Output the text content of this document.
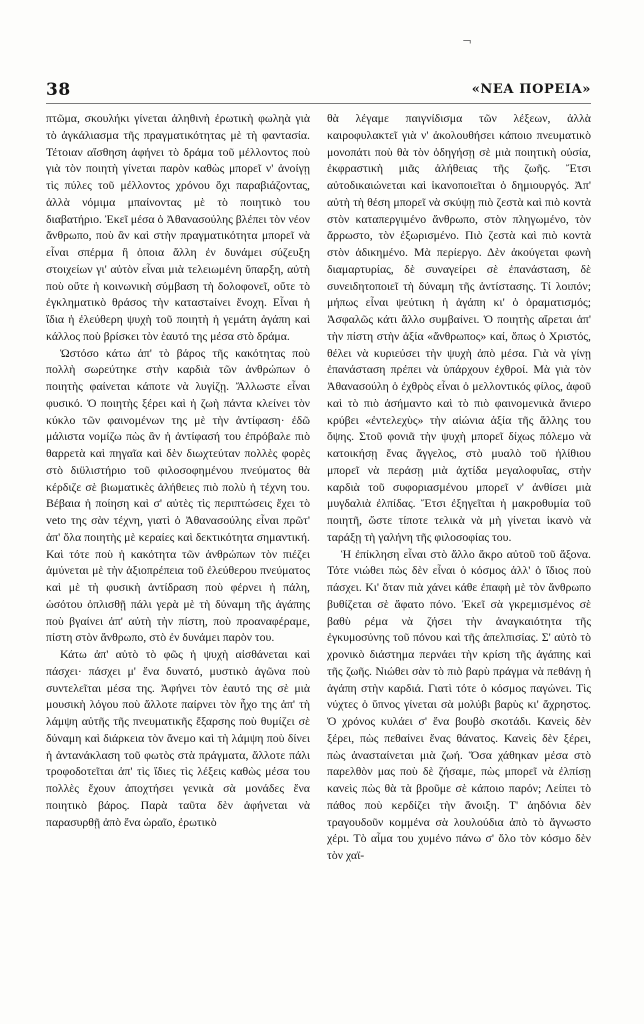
¬
38	«ΝΕΑ ΠΟΡΕΙΑ»

πτῶμα, σκουλήκι γίνεται ἀληθινὴ ἐρωτικὴ φωληὰ γιὰ τὸ ἀγκάλιασμα τῆς πραγματικότητας μὲ τὴ φαντασία. Τέτοιαν αἴσθηση ἀφήνει τὸ δράμα τοῦ μέλλοντος ποὺ γιὰ τὸν ποιητὴ γίνεται παρὸν καθὼς μπορεῖ ν' ἀνοίγῃ τὶς πύλες τοῦ μέλλοντος χρόνου ὄχι παραβιάζοντας, ἀλλὰ νόμιμα μπαίνοντας μὲ τὸ ποιητικὸ του διαβατήριο. Ἐκεῖ μέσα ὁ Ἀθανασούλης βλέπει τὸν νέον ἄνθρωπο, ποὺ ἂν καὶ στὴν πραγματικότητα μπορεῖ νὰ εἶναι σπέρμα ἢ ὁποια ἄλλη ἐν δυνάμει σύζευξη στοιχείων γι' αὐτὸν εἶναι μιὰ τελειωμένη ὕπαρξη, αὐτὴ ποὺ οὔτε ἡ κοινωνικὴ σύμβαση τὴ δολοφονεῖ, οὔτε τὸ ἐγκληματικὸ θράσος τὴν καταστaίνει ἔνοχη. Εἶναι ἡ ἴδια ἡ ἐλεύθερη ψυχὴ τοῦ ποιητὴ ἡ γεμάτη ἀγάπη καὶ κάλλος ποὺ βρίσκει τὸν ἑαυτό της μέσα στὸ δράμα.

Ὡστόσο κάτω ἀπ' τὸ βάρος τῆς κακότητας ποὺ πολλὴ σωρεύτηκε στὴν καρδιὰ τῶν ἀνθρώπων ὁ ποιητὴς φαίνεται κάποτε νὰ λυγίζῃ. Ἄλλωστε εἶναι φυσικό. Ὁ ποιητὴς ξέρει καὶ ἡ ζωὴ πάντα κλείνει τὸν κύκλο τῶν φαινομένων της μὲ τὴν ἀντίφαση· ἐδῶ μάλιστα νομίζω πὼς ἂν ἡ ἀντίφασή του ἐπρόβαλε πιὸ θαρρετὰ καὶ πηγαῖα καὶ δὲν διωχτεύταν πολλὲς φορὲς στὸ διϋλιστήριο τοῦ φιλοσοφημένου πνεύματος θὰ κέρδιζε σὲ βιωματικὲς ἀλήθειες πιὸ πολὺ ἡ τέχνη του. Βέβαια ἡ ποίηση καὶ σ' αὐτὲς τὶς περιπτώσεις ἔχει τὸ veto της σὰν τέχνη, γιατὶ ὁ Ἀθανασούλης εἶναι πρῶτ' ἀπ' ὅλα ποιητὴς μὲ κεραίες καὶ δεκτικότητα σημαντική. Καὶ τότε ποὺ ἡ κακότητα τῶν ἀνθρώπων τὸν πιέζει ἀμύνεται μὲ τὴν ἀξιοπρέπεια τοῦ ἐλεύθερου πνεύματος καὶ μὲ τὴ φυσικὴ ἀντίδραση ποὺ φέρνει ἡ πάλη, ὡσότου ὁπλισθῇ πάλι γερὰ μὲ τὴ δύναμη τῆς ἀγάπης ποὺ βγαίνει ἀπ' αὐτὴ τὴν πίστη, ποὺ προαναφέραμε, πίστη στὸν ἄνθρωπο, στὸ ἐν δυνάμει παρὸν του.

Κάτω ἀπ' αὐτὸ τὸ φῶς ἡ ψυχὴ αἰσθάνεται καὶ πάσχει· πάσχει μ' ἕνα δυνατό, μυστικὸ ἀγῶνα ποὺ συντελεῖται μέσα της. Ἀφήνει τὸν ἑαυτό της σὲ μιὰ μουσικὴ λόγου ποὺ ἄλλοτε παίρνει τὸν ἦχο της ἀπ' τὴ λάμψη αὐτῆς τῆς πνευματικῆς ἔξαρσης ποὺ θυμίζει σὲ δύναμη καὶ διάρκεια τὸν ἄνεμο καὶ τὴ λάμψη ποὺ δίνει ἡ ἀντανάκλαση τοῦ φωτὸς στὰ πράγματα, ἄλλοτε πάλι τροφοδοτεῖται ἀπ' τὶς ἴδιες τὶς λέξεις καθὼς μέσα του πολλὲς ἔχουν ἀποχτήσει γενικὰ σὰ μονάδες ἕνα ποιητικὸ βάρος. Παρὰ ταῦτα δὲν ἀφήνεται νὰ παρασυρθῇ ἀπὸ ἕνα ὡραῖο, ἐρωτικὸ

θὰ λέγαμε παιγνίδισμα τῶν λέξεων, ἀλλὰ καιροφυλακτεῖ γιὰ ν' ἀκολουθήσει κάποιο πνευματικὸ μονοπάτι ποὺ θὰ τὸν ὁδηγήσῃ σὲ μιὰ ποιητικὴ οὐσία, ἐκφραστικὴ μιᾶς ἀλήθειας τῆς ζωῆς. Ἔτσι αὐτοδικαιώνεται καὶ ἱκανοποιεῖται ὁ δημιουργός. Ἀπ' αὐτὴ τὴ θέση μπορεῖ νὰ σκύψῃ πιὸ ζεστὰ καὶ πιὸ κοντὰ στὸν καταπεργιμένο ἄνθρωπο, στὸν πληγωμένο, τὸν ἄρρωστο, τὸν ἐξωρισμένο. Πιὸ ζεστὰ καὶ πιὸ κοντὰ στὸν ἀδικημένο. Μὰ περίεργο. Δὲν ἀκούγεται φωνὴ διαμαρτυρίας, δὲ συναγείρει σὲ ἐπανάσταση, δὲ συνειδητοποιεῖ τὴ δύναμη τῆς ἀντίστασης. Τί λοιπόν; μήπως εἶναι ψεύτικη ἡ ἀγάπη κι' ὁ ὁραματισμός; Ἀσφαλῶς κάτι ἄλλο συμβαίνει. Ὁ ποιητὴς αἴρεται ἀπ' τὴν πίστη στὴν ἀξία «ἄνθρωπος» καί, ὅπως ὁ Χριστός, θέλει νὰ κυριεύσει τὴν ψυχὴ ἀπὸ μέσα. Γιὰ νὰ γίνῃ ἐπανάσταση πρέπει νὰ ὑπάρχουν ἐχθροί. Μὰ γιὰ τὸν Ἀθανασούλη ὁ ἐχθρὸς εἶναι ὁ μελλοντικός φίλος, ἀφοῦ καὶ τὸ πιὸ ἀσήμαντο καὶ τὸ πιὸ φαινομενικὰ ἄνιερο κρύβει «ἐντελεχὺς» τὴν αἰώνια ἀξία τῆς ἄλλης του ὄψης. Στοῦ φονιᾶ τὴν ψυχὴ μπορεῖ δίχως πόλεμο νὰ κατοικήσῃ ἕνας ἄγγελος, στὸ μυαλὸ τοῦ ἠλίθιου μπορεῖ νὰ περάσῃ μιὰ ἀχτίδα μεγαλοφυΐας, στὴν καρδιὰ τοῦ συφοριασμένου μπορεῖ ν' ἀνθίσει μιὰ μυγδαλιὰ ἐλπίδας. Ἔτσι ἐξηγεῖται ἡ μακροθυμία τοῦ ποιητῆ, ὥστε τίποτε τελικὰ νὰ μὴ γίνεται ἱκανὸ νὰ ταράξῃ τὴ γαλήνη τῆς φιλοσοφίας του.

Ἡ ἐπίκληση εἶναι στὸ ἄλλο ἄκρο αὐτοῦ τοῦ ἄξονα. Τότε νιώθει πὼς δὲν εἶναι ὁ κόσμος ἀλλ' ὁ ἴδιος ποὺ πάσχει. Κι' ὅταν πιὰ χάνει κάθε ἐπαφὴ μὲ τὸν ἄνθρωπο βυθίζεται σὲ ἄφατο πόνο. Ἐκεῖ σὰ γκρεμισμένος σὲ βαθὺ ρέμα νὰ ζήσει τὴν ἀναγκαιότητα τῆς ἐγκυμοσύνης τοῦ πόνου καὶ τῆς ἀπελπισίας. Σ' αὐτὸ τὸ χρονικὸ διάστημα περνάει τὴν κρίση τῆς ἀγάπης καὶ τῆς ζωῆς. Νιώθει σὰν τὸ πιὸ βαρὺ πράγμα νὰ πεθάνῃ ἡ ἀγάπη στὴν καρδιά. Γιατὶ τότε ὁ κόσμος παγώνει. Τὶς νύχτες ὁ ὕπνος γίνεται σὰ μολύβι βαρὺς κι' ἄχρηστος. Ὁ χρόνος κυλάει σ' ἕνα βουβὸ σκοτάδι. Κανεὶς δὲν ξέρει, πὼς πεθαίνει ἕνας θάνατος. Κανεὶς δὲν ξέρει, πὼς ἀνασταίνεται μιὰ ζωή. Ὅσα χάθηκαν μέσα στὸ παρελθὸν μας ποὺ δὲ ζήσαμε, πὼς μπορεῖ νὰ ἐλπίσῃ κανεὶς πὼς θὰ τὰ βροῦμε σὲ κάποιο παρόν; Λείπει τὸ πάθος ποὺ κερδίζει τὴν ἄνοιξη. Τ' ἀηδόνια δὲν τραγουδοῦν κομμένα σὰ λουλούδια ἀπὸ τὸ ἄγνωστο χέρι. Τὸ αἷμα του χυμένο πάνω σ' ὅλο τὸν κόσμο δὲν τὸν χαϊ-
